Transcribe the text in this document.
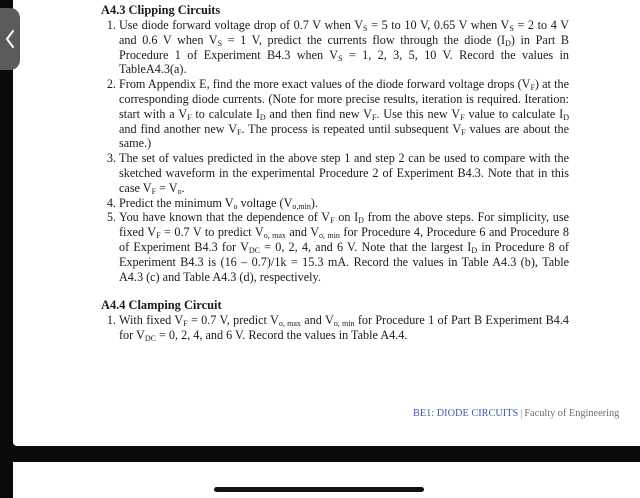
A4.3 Clipping Circuits
1. Use diode forward voltage drop of 0.7 V when $V_S = 5$ to 10 V, 0.65 V when $V_S = 2$ to 4 V and 0.6 V when $V_S = 1$ V, predict the currents flow through the diode $(I_D)$ in Part B Procedure 1 of Experiment B4.3 when $V_S = 1$, 2, 3, 5, 10 V. Record the values in TableA4.3(a).
2. From Appendix E, find the more exact values of the diode forward voltage drops $(V_F)$ at the corresponding diode currents. (Note for more precise results, iteration is required. Iteration: start with a $V_F$ to calculate $I_D$ and then find new $V_F$. Use this new $V_F$ value to calculate $I_D$ and find another new $V_F$. The process is repeated until subsequent $V_F$ values are about the same.)
3. The set of values predicted in the above step 1 and step 2 can be used to compare with the sketched waveform in the experimental Procedure 2 of Experiment B4.3. Note that in this case $V_F = V_o$.
4. Predict the minimum $V_o$ voltage $(V_{o,min})$.
5. You have known that the dependence of $V_F$ on $I_D$ from the above steps. For simplicity, use fixed $V_F = 0.7$ V to predict $V_{o, max}$ and $V_{o, min}$ for Procedure 4, Procedure 6 and Procedure 8 of Experiment B4.3 for $V_{DC} = 0$, 2, 4, and 6 V. Note that the largest $I_D$ in Procedure 8 of Experiment B4.3 is (16 – 0.7)/1k = 15.3 mA. Record the values in Table A4.3 (b), Table A4.3 (c) and Table A4.3 (d), respectively.
A4.4 Clamping Circuit
1. With fixed $V_F = 0.7$ V, predict $V_{o, max}$ and $V_{o, min}$ for Procedure 1 of Part B Experiment B4.4 for $V_{DC} = 0$, 2, 4, and 6 V. Record the values in Table A4.4.
BE1: DIODE CIRCUITS | Faculty of Engineering
